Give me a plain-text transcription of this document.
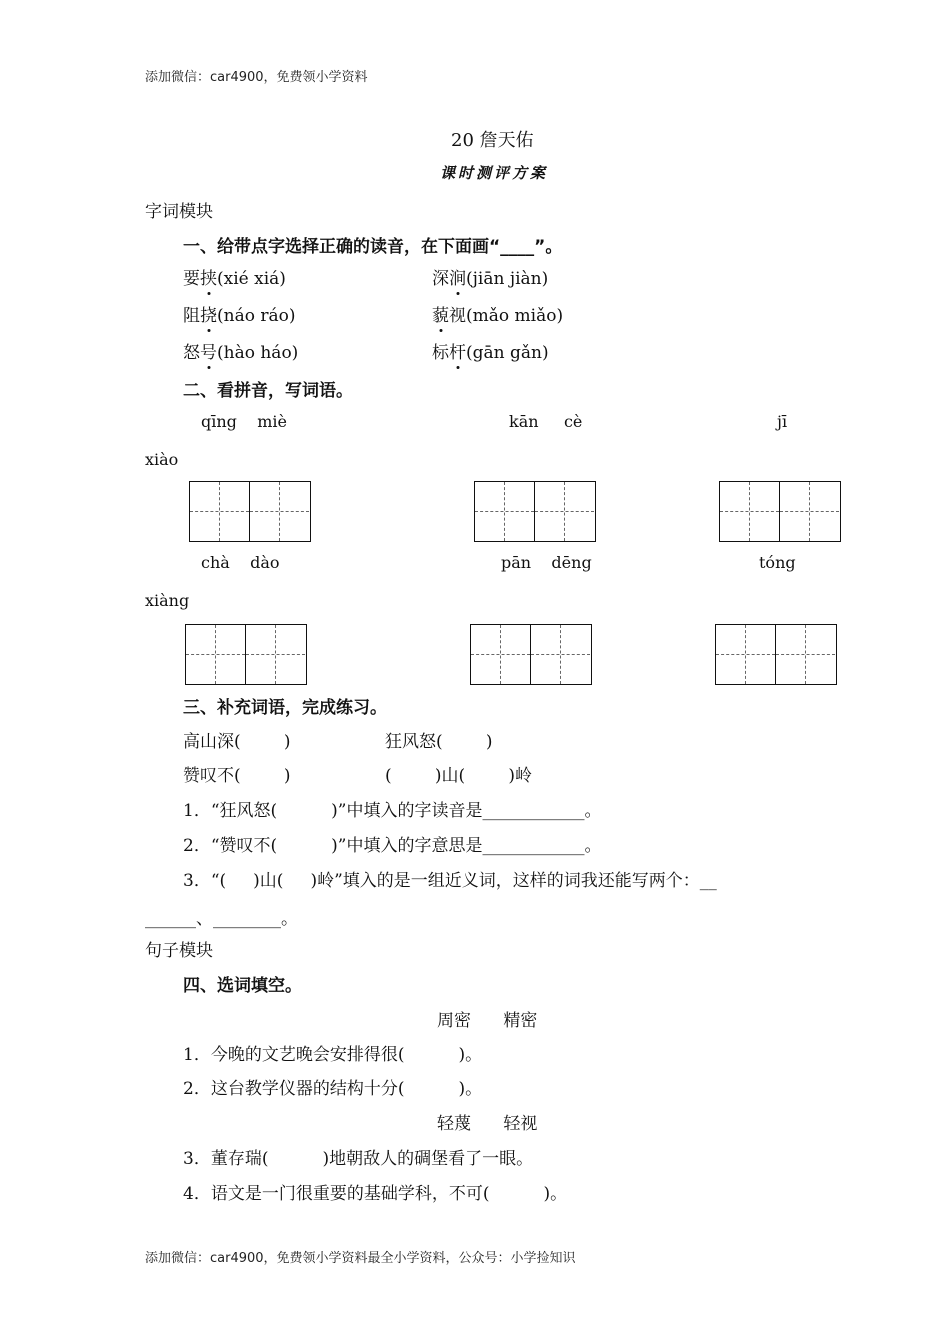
添加微信：car4900，免费领小学资料
20 詹天佑
课时测评方案
字词模块
一、给带点字选择正确的读音，在下面画“____”。
要挟(xié xiá)	深涧(jiān jiàn)
阻挠(náo ráo)	藐视(mǎo miǎo)
怒号(hào háo)	标杆(gān gǎn)
二、看拼音，写词语。
qīng    miè	kān     cè	jī
xiào
chà    dào	pān    dēng	tóng
xiàng
三、补充词语，完成练习。
高山深(        )	狂风怒(        )
赞叹不(        )	(        )山(        )岭
1．“狂风怒(          )”中填入的字读音是____________。
2．“赞叹不(          )”中填入的字意思是____________。
3．“(     )山(     )岭”填入的是一组近义词，这样的词我还能写两个：__
______、________。
句子模块
四、选词填空。
周密      精密
1．今晚的文艺晚会安排得很(          )。
2．这台教学仪器的结构十分(          )。
轻蔑      轻视
3．董存瑞(          )地朝敌人的碉堡看了一眼。
4．语文是一门很重要的基础学科，不可(          )。
添加微信：car4900，免费领小学资料最全小学资料，公众号：小学捡知识
